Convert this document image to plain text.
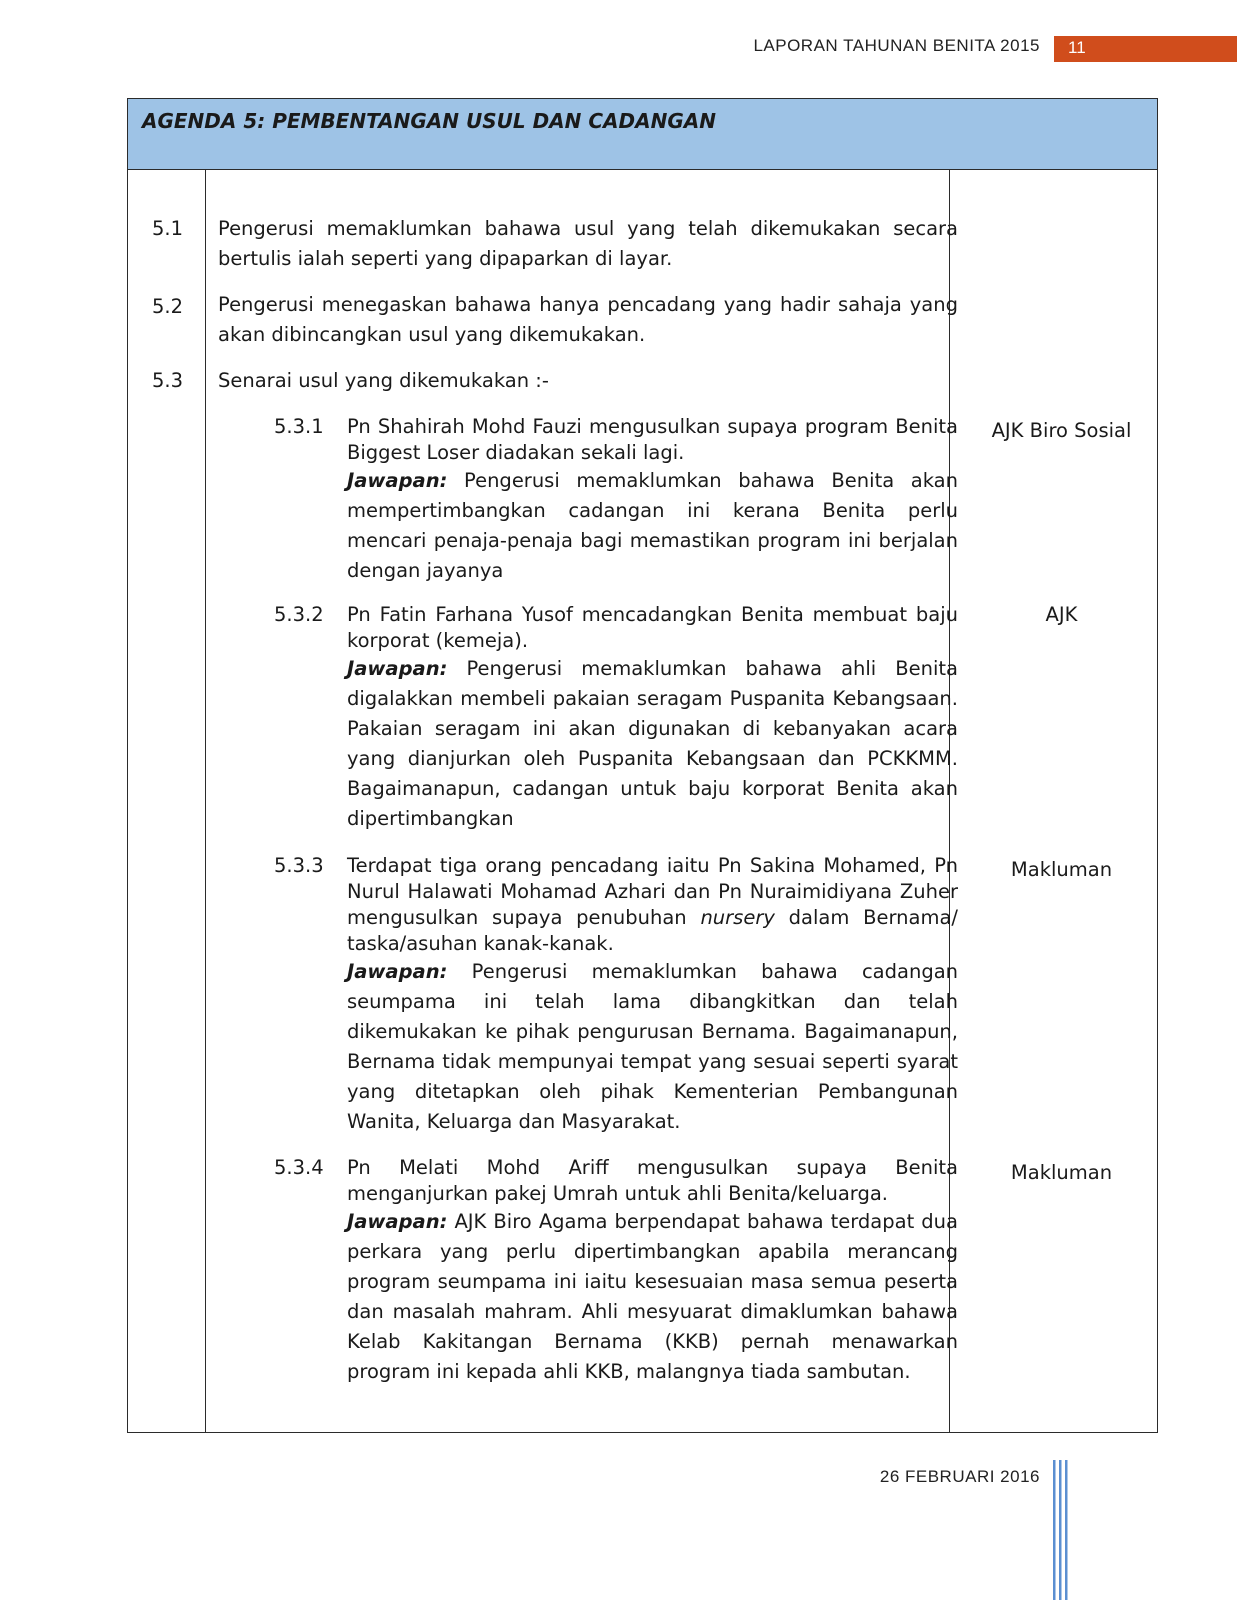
LAPORAN TAHUNAN BENITA 2015 11
AGENDA 5: PEMBENTANGAN USUL DAN CADANGAN
5.1 Pengerusi memaklumkan bahawa usul yang telah dikemukakan secara
bertulis ialah seperti yang dipaparkan di layar.
5.2 Pengerusi menegaskan bahawa hanya pencadang yang hadir sahaja yang
akan dibincangkan usul yang dikemukakan.
5.3 Senarai usul yang dikemukakan :-
5.3.1 Pn Shahirah Mohd Fauzi mengusulkan supaya program Benita Biggest Loser diadakan sekali lagi.
Jawapan: Pengerusi memaklumkan bahawa Benita akan mempertimbangkan cadangan ini kerana Benita perlu mencari penaja-penaja bagi memastikan program ini berjalan dengan jayanya
AJK Biro Sosial
5.3.2 Pn Fatin Farhana Yusof mencadangkan Benita membuat baju korporat (kemeja).
Jawapan: Pengerusi memaklumkan bahawa ahli Benita digalakkan membeli pakaian seragam Puspanita Kebangsaan. Pakaian seragam ini akan digunakan di kebanyakan acara yang dianjurkan oleh Puspanita Kebangsaan dan PCKKMM. Bagaimanapun, cadangan untuk baju korporat Benita akan dipertimbangkan
AJK
5.3.3 Terdapat tiga orang pencadang iaitu Pn Sakina Mohamed, Pn Nurul Halawati Mohamad Azhari dan Pn Nuraimidiyana Zuher mengusulkan supaya penubuhan nursery dalam Bernama/ taska/asuhan kanak-kanak.
Jawapan: Pengerusi memaklumkan bahawa cadangan seumpama ini telah lama dibangkitkan dan telah dikemukakan ke pihak pengurusan Bernama. Bagaimanapun, Bernama tidak mempunyai tempat yang sesuai seperti syarat yang ditetapkan oleh pihak Kementerian Pembangunan Wanita, Keluarga dan Masyarakat.
Makluman
5.3.4 Pn Melati Mohd Ariff mengusulkan supaya Benita menganjurkan pakej Umrah untuk ahli Benita/keluarga.
Jawapan: AJK Biro Agama berpendapat bahawa terdapat dua perkara yang perlu dipertimbangkan apabila merancang program seumpama ini iaitu kesesuaian masa semua peserta dan masalah mahram. Ahli mesyuarat dimaklumkan bahawa Kelab Kakitangan Bernama (KKB) pernah menawarkan program ini kepada ahli KKB, malangnya tiada sambutan.
Makluman
26 FEBRUARI 2016
